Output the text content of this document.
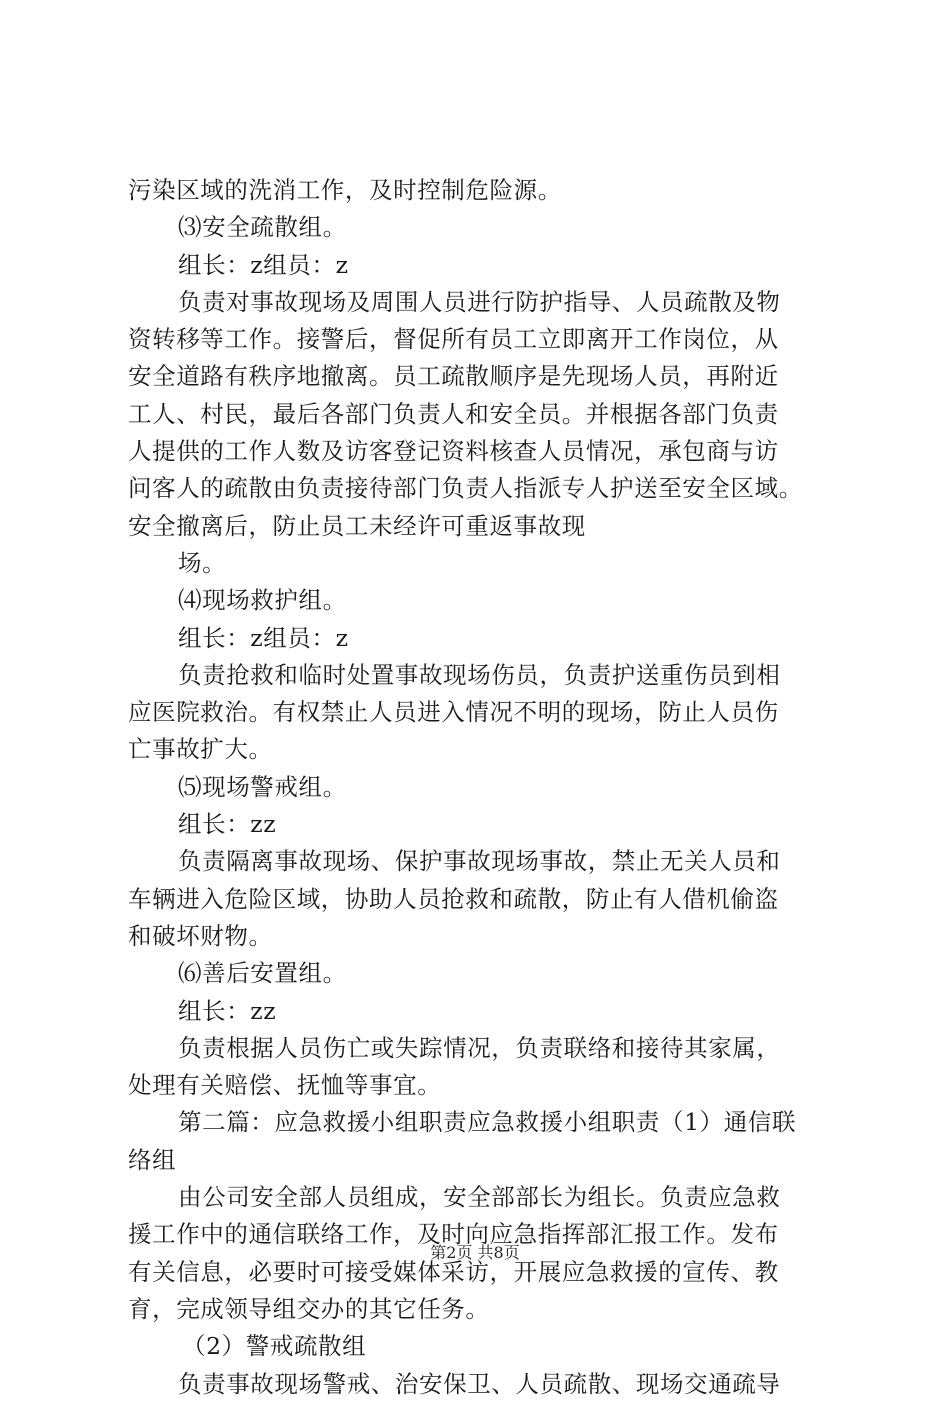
污染区域的洗消工作，及时控制危险源。
⑶安全疏散组。
组长：z组员：z
负责对事故现场及周围人员进行防护指导、人员疏散及物
资转移等工作。接警后，督促所有员工立即离开工作岗位，从
安全道路有秩序地撤离。员工疏散顺序是先现场人员，再附近
工人、村民，最后各部门负责人和安全员。并根据各部门负责
人提供的工作人数及访客登记资料核查人员情况，承包商与访
问客人的疏散由负责接待部门负责人指派专人护送至安全区域。
安全撤离后，防止员工未经许可重返事故现
场。
⑷现场救护组。
组长：z组员：z
负责抢救和临时处置事故现场伤员，负责护送重伤员到相
应医院救治。有权禁止人员进入情况不明的现场，防止人员伤
亡事故扩大。
⑸现场警戒组。
组长：zz
负责隔离事故现场、保护事故现场事故，禁止无关人员和
车辆进入危险区域，协助人员抢救和疏散，防止有人借机偷盗
和破坏财物。
⑹善后安置组。
组长：zz
负责根据人员伤亡或失踪情况，负责联络和接待其家属，
处理有关赔偿、抚恤等事宜。
第二篇：应急救援小组职责应急救援小组职责（1）通信联
络组
由公司安全部人员组成，安全部部长为组长。负责应急救
援工作中的通信联络工作，及时向应急指挥部汇报工作。发布
有关信息，必要时可接受媒体采访，开展应急救援的宣传、教
育，完成领导组交办的其它任务。
（2）警戒疏散组
负责事故现场警戒、治安保卫、人员疏散、现场交通疏导
第2页 共8页
